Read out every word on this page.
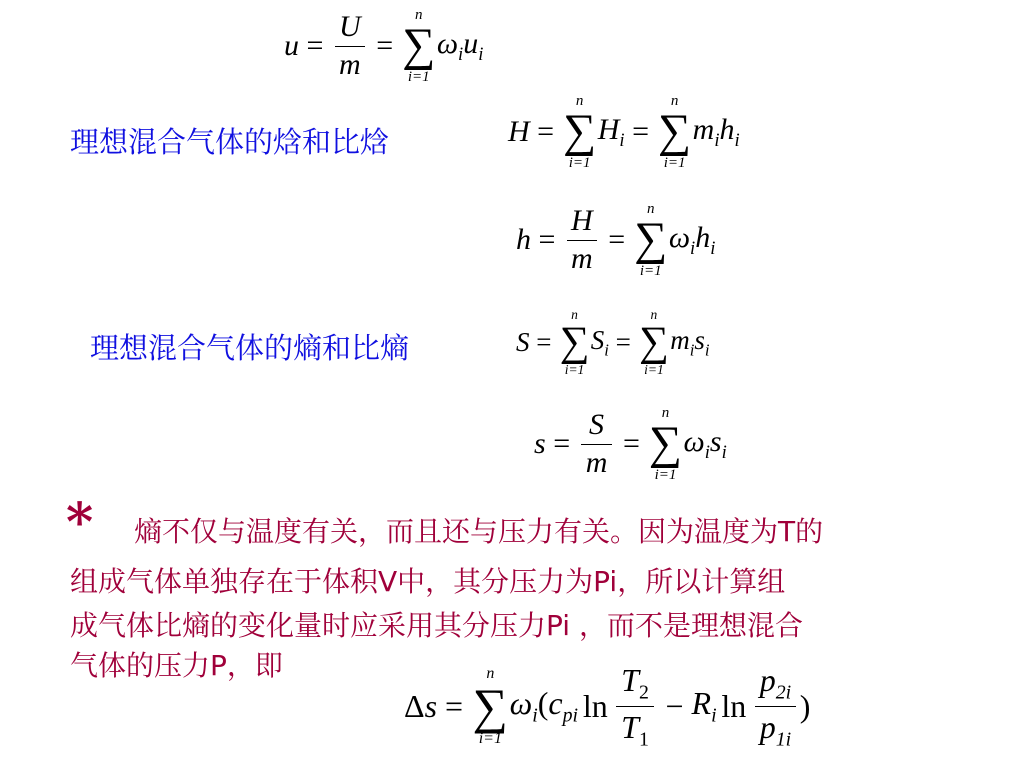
$u = \frac{U}{m}$ =
n
∑
i=1
$\omega_iu_i$
理想混合气体的焓和比焓	H =
n
∑
i=1
$H_i$ =
n
∑
i=1
$m_ih_i$
$h = \frac{H}{m}$ =
n
∑
i=1
$\omega_ih_i$
理想混合气体的熵和比熵	S =
n
∑
i=1
$S_i$ =
n
∑
i=1
$m_is_i$
$s = \frac{S}{m}$ =
n
∑
i=1
$\omega_is_i$
* 熵不仅与温度有关，而且还与压力有关。因为温度为T的
组成气体单独存在于体积V中，其分压力为Pi，所以计算组
成气体比熵的变化量时应采用其分压力Pi ，而不是理想混合
气体的压力P，即
Δs =
n
∑
i=1
$\omega_i$ ($c_{pi}$ $\ln \frac{T_2}{T_1} - R_i$ $\ln \frac{p_{2i}}{p_{1i}}$ )
